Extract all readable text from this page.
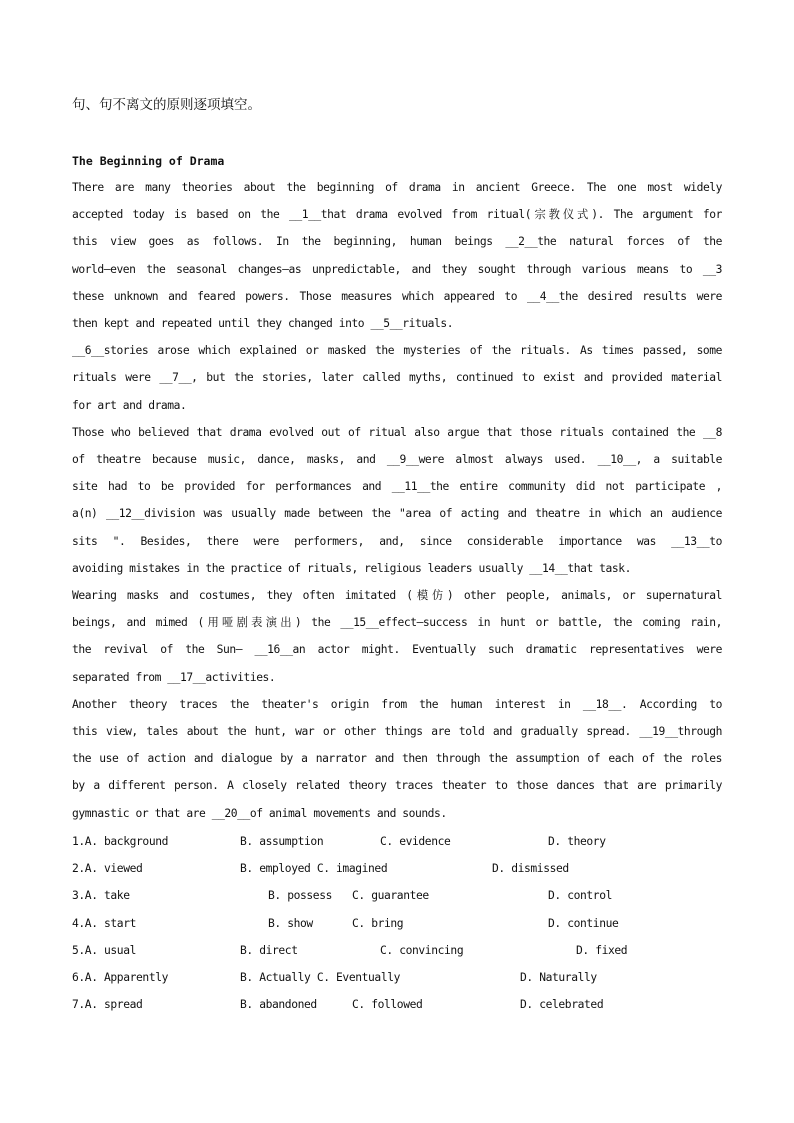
句、句不离文的原则逐项填空。
The Beginning of Drama
There are many theories about the beginning of drama in ancient Greece. The one most widely
accepted today is based on the __1__that drama evolved from ritual(宗教仪式). The argument for
this view goes as follows. In the beginning, human beings __2__the natural forces of the
world—even the seasonal changes—as unpredictable, and they sought through various means to __3
these unknown and feared powers. Those measures which appeared to __4__the desired results were
then kept and repeated until they changed into __5__rituals.
__6__stories arose which explained or masked the mysteries of the rituals. As times passed, some
rituals were __7__, but the stories, later called myths, continued to exist and provided material
for art and drama.
Those who believed that drama evolved out of ritual also argue that those rituals contained the __8
of theatre because music, dance, masks, and __9__were almost always used. __10__, a suitable
site had to be provided for performances and __11__the entire community did not participate ,
a(n) __12__division was usually made between the "area of acting and theatre in which an audience
sits ". Besides, there were performers, and, since considerable importance was __13__to
avoiding mistakes in the practice of rituals, religious leaders usually __14__that task.
Wearing masks and costumes, they often imitated (模仿) other people, animals, or supernatural
beings, and mimed (用哑剧表演出) the __15__effect—success in hunt or battle, the coming rain,
the revival of the Sun— __16__an actor might. Eventually such dramatic representatives were
separated from __17__activities.
Another theory traces the theater's origin from the human interest in __18__. According to
this view, tales about the hunt, war or other things are told and gradually spread. __19__through
the use of action and dialogue by a narrator and then through the assumption of each of the roles
by a different person. A closely related theory traces theater to those dances that are primarily
gymnastic or that are __20__of animal movements and sounds.
1.A. background	B. assumption	C. evidence	D. theory
2.A. viewed	B. employed C. imagined	D. dismissed
3.A. take	B. possess C. guarantee	D. control
4.A. start	B. show	C. bring	D. continue
5.A. usual	B. direct	C. convincing	D. fixed
6.A. Apparently	B. Actually C. Eventually	D. Naturally
7.A. spread	B. abandoned	C. followed	D. celebrated
